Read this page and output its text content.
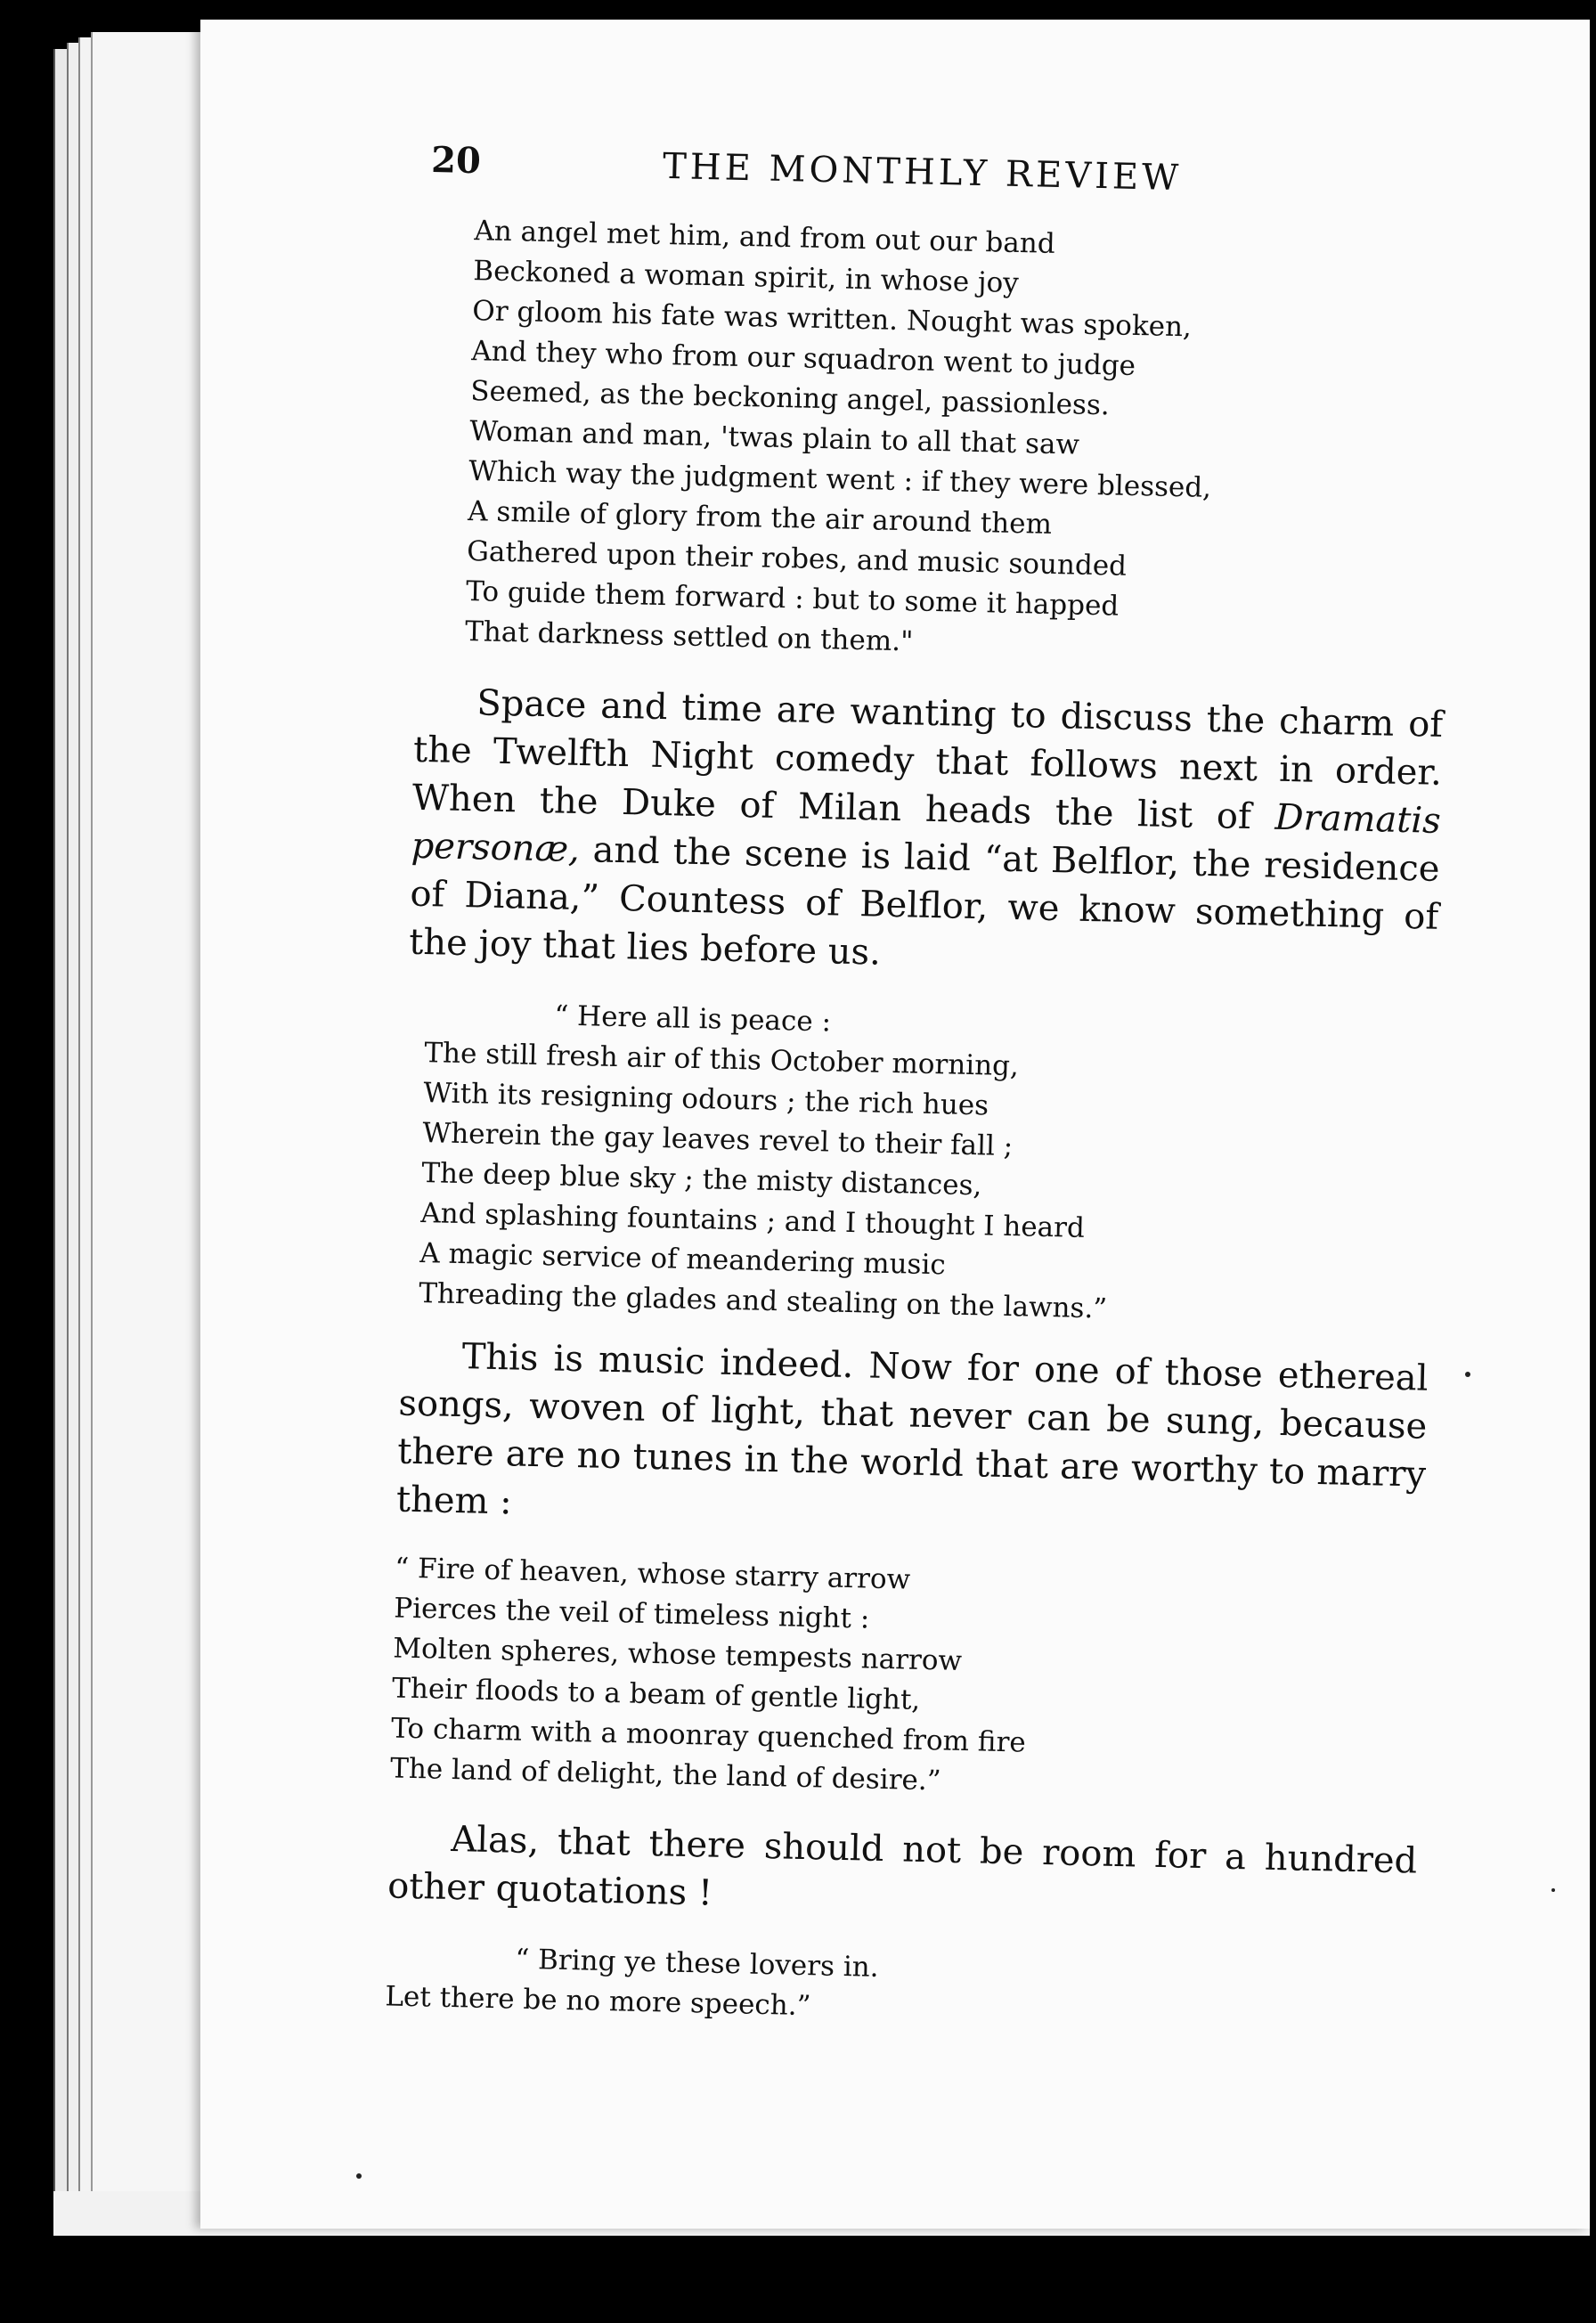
20	THE MONTHLY REVIEW
An angel met him, and from out our band
Beckoned a woman spirit, in whose joy
Or gloom his fate was written. Nought was spoken,
And they who from our squadron went to judge
Seemed, as the beckoning angel, passionless.
Woman and man, 'twas plain to all that saw
Which way the judgment went : if they were blessed,
A smile of glory from the air around them
Gathered upon their robes, and music sounded
To guide them forward : but to some it happed
That darkness settled on them."

Space and time are wanting to discuss the charm of the Twelfth Night comedy that follows next in order. When the Duke of Milan heads the list of Dramatis personæ, and the scene is laid “at Belflor, the residence of Diana,” Countess of Belflor, we know something of the joy that lies before us.

“ Here all is peace :
The still fresh air of this October morning,
With its resigning odours ; the rich hues
Wherein the gay leaves revel to their fall ;
The deep blue sky ; the misty distances,
And splashing fountains ; and I thought I heard
A magic service of meandering music
Threading the glades and stealing on the lawns.”

This is music indeed. Now for one of those ethereal songs, woven of light, that never can be sung, because there are no tunes in the world that are worthy to marry them :

“ Fire of heaven, whose starry arrow
Pierces the veil of timeless night :
Molten spheres, whose tempests narrow
Their floods to a beam of gentle light,
To charm with a moonray quenched from fire
The land of delight, the land of desire.”

Alas, that there should not be room for a hundred other quotations !

“ Bring ye these lovers in.
Let there be no more speech.”
